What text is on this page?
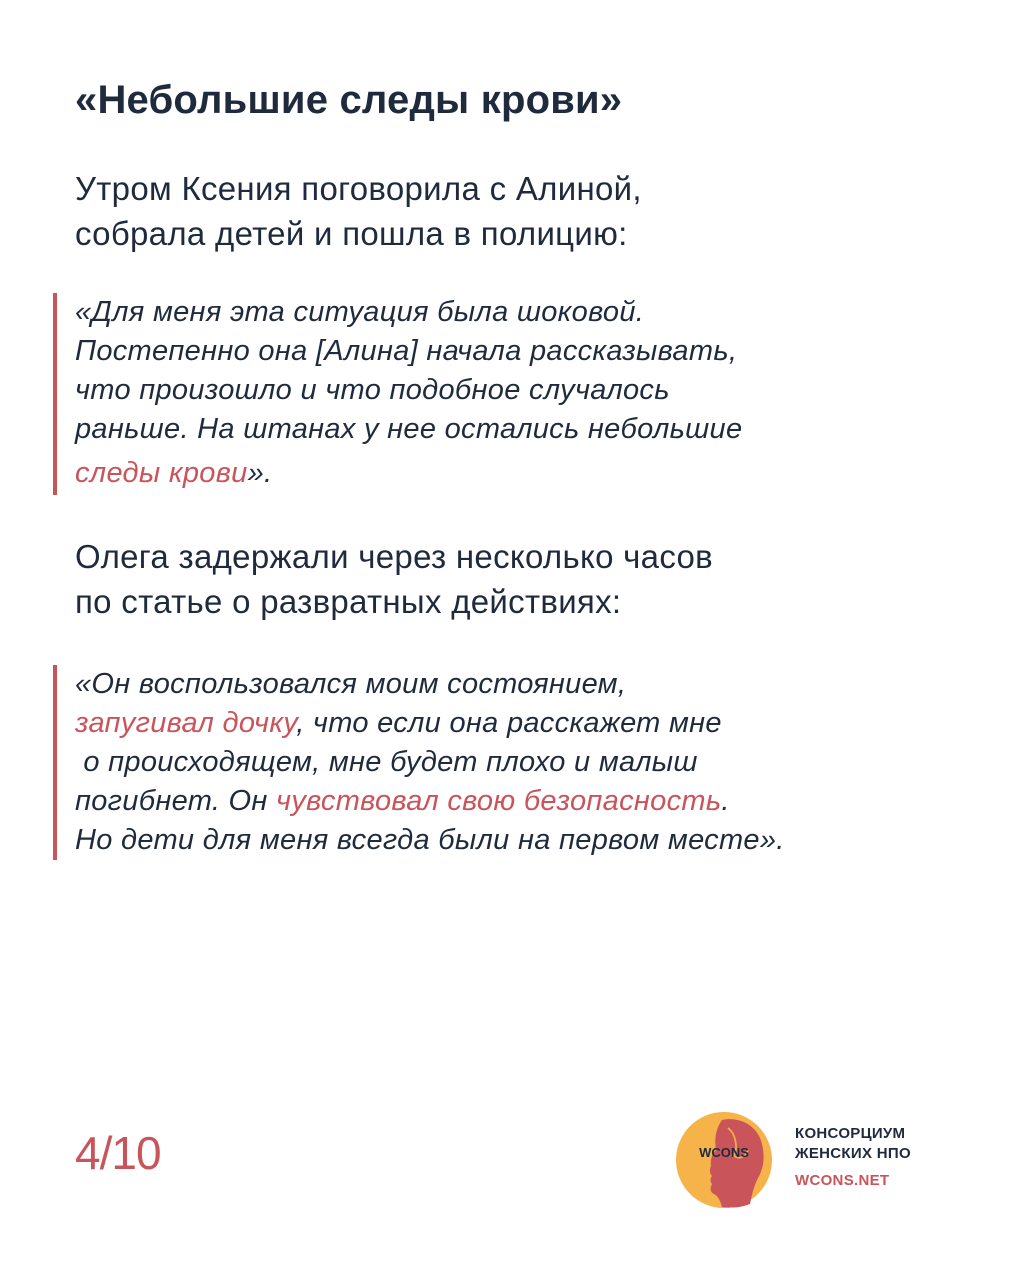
«Небольшие следы крови»
Утром Ксения поговорила с Алиной,
собрала детей и пошла в полицию:
«Для меня эта ситуация была шоковой.
Постепенно она [Алина] начала рассказывать,
что произошло и что подобное случалось
раньше. На штанах у нее остались небольшие
следы крови».
Олега задержали через несколько часов
по статье о развратных действиях:
«Он воспользовался моим состоянием,
запугивал дочку, что если она расскажет мне
о происходящем, мне будет плохо и малыш
погибнет. Он чувствовал свою безопасность.
Но дети для меня всегда были на первом месте».
4/10	WCONS
КОНСОРЦИУМ
ЖЕНСКИХ НПО
WCONS.NET
